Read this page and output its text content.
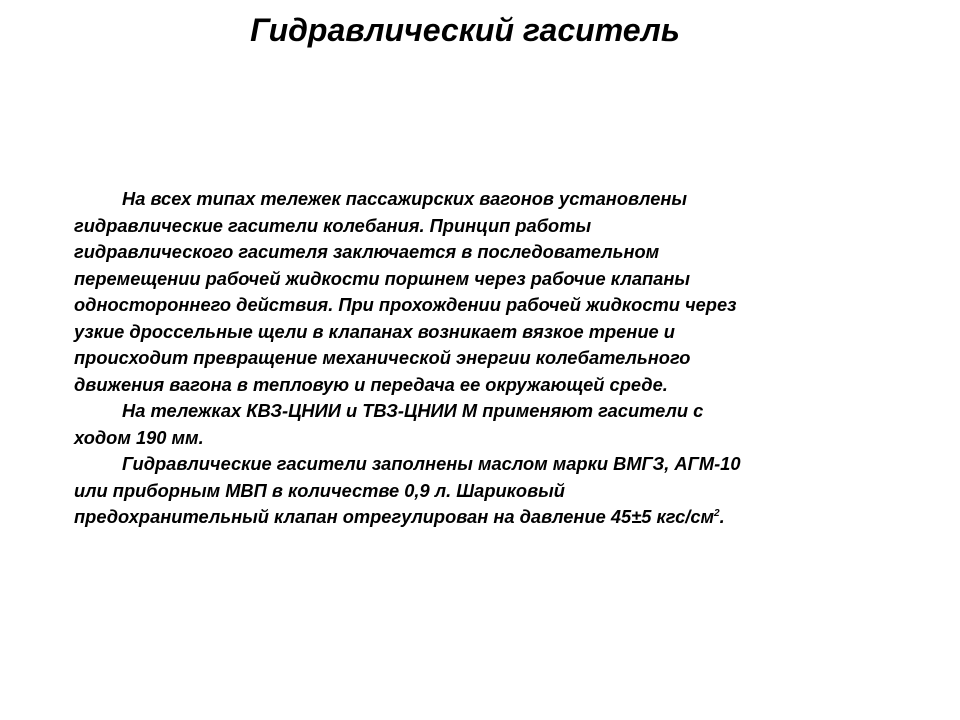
Гидравлический гаситель

На всех типах тележек пассажирских вагонов установлены
гидравлические гасители колебания. Принцип работы
гидравлического гасителя заключается в последовательном
перемещении рабочей жидкости поршнем через рабочие клапаны
одностороннего действия. При прохождении рабочей жидкости через
узкие дроссельные щели в клапанах возникает вязкое трение и
происходит превращение механической энергии колебательного
движения вагона в тепловую и передача ее окружающей среде.

На тележках КВЗ-ЦНИИ и ТВЗ-ЦНИИ М применяют гасители с
ходом 190 мм.

Гидравлические гасители заполнены маслом марки ВМГЗ, АГМ-10
или приборным МВП в количестве 0,9 л. Шариковый
предохранительный клапан отрегулирован на давление 45±5 кгс/$см^2$.
